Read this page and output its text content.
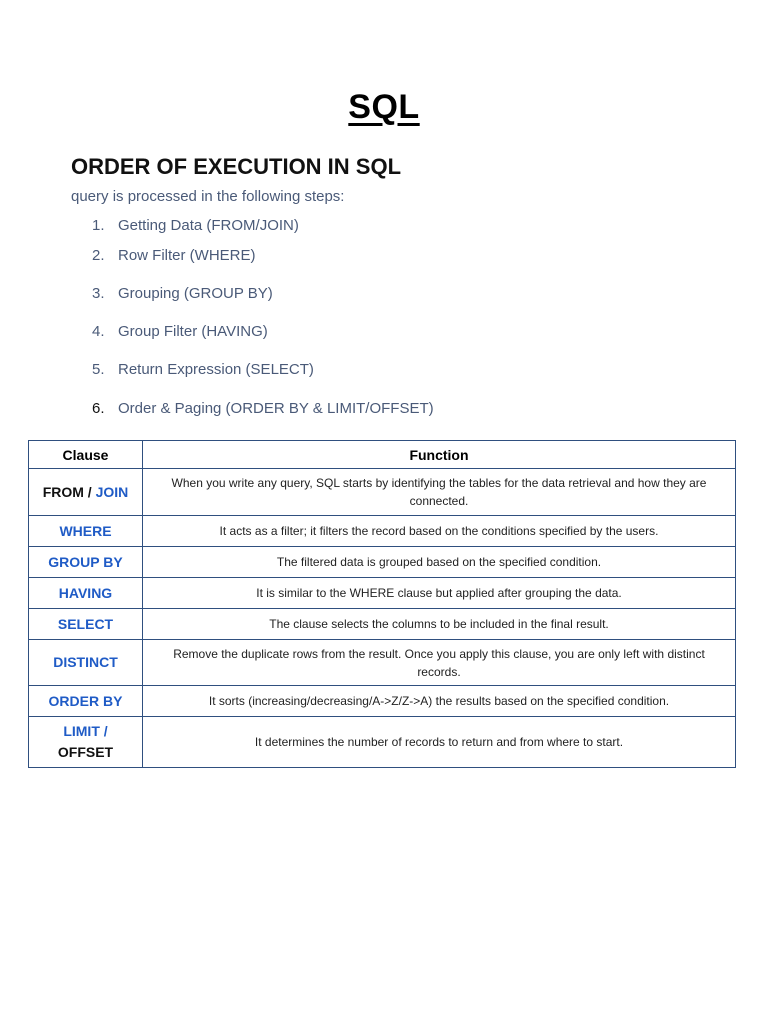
SQL
ORDER OF EXECUTION IN SQL
query is processed in the following steps:
1. Getting Data (FROM/JOIN)
2. Row Filter (WHERE)
3. Grouping (GROUP BY)
4. Group Filter (HAVING)
5. Return Expression (SELECT)
6. Order & Paging (ORDER BY & LIMIT/OFFSET)
Clause	Function
FROM / JOIN	When you write any query, SQL starts by identifying the tables for the data retrieval and how they are connected.
WHERE	It acts as a filter; it filters the record based on the conditions specified by the users.
GROUP BY	The filtered data is grouped based on the specified condition.
HAVING	It is similar to the WHERE clause but applied after grouping the data.
SELECT	The clause selects the columns to be included in the final result.
DISTINCT	Remove the duplicate rows from the result. Once you apply this clause, you are only left with distinct records.
ORDER BY	It sorts (increasing/decreasing/A->Z/Z->A) the results based on the specified condition.
LIMIT /
OFFSET	It determines the number of records to return and from where to start.
